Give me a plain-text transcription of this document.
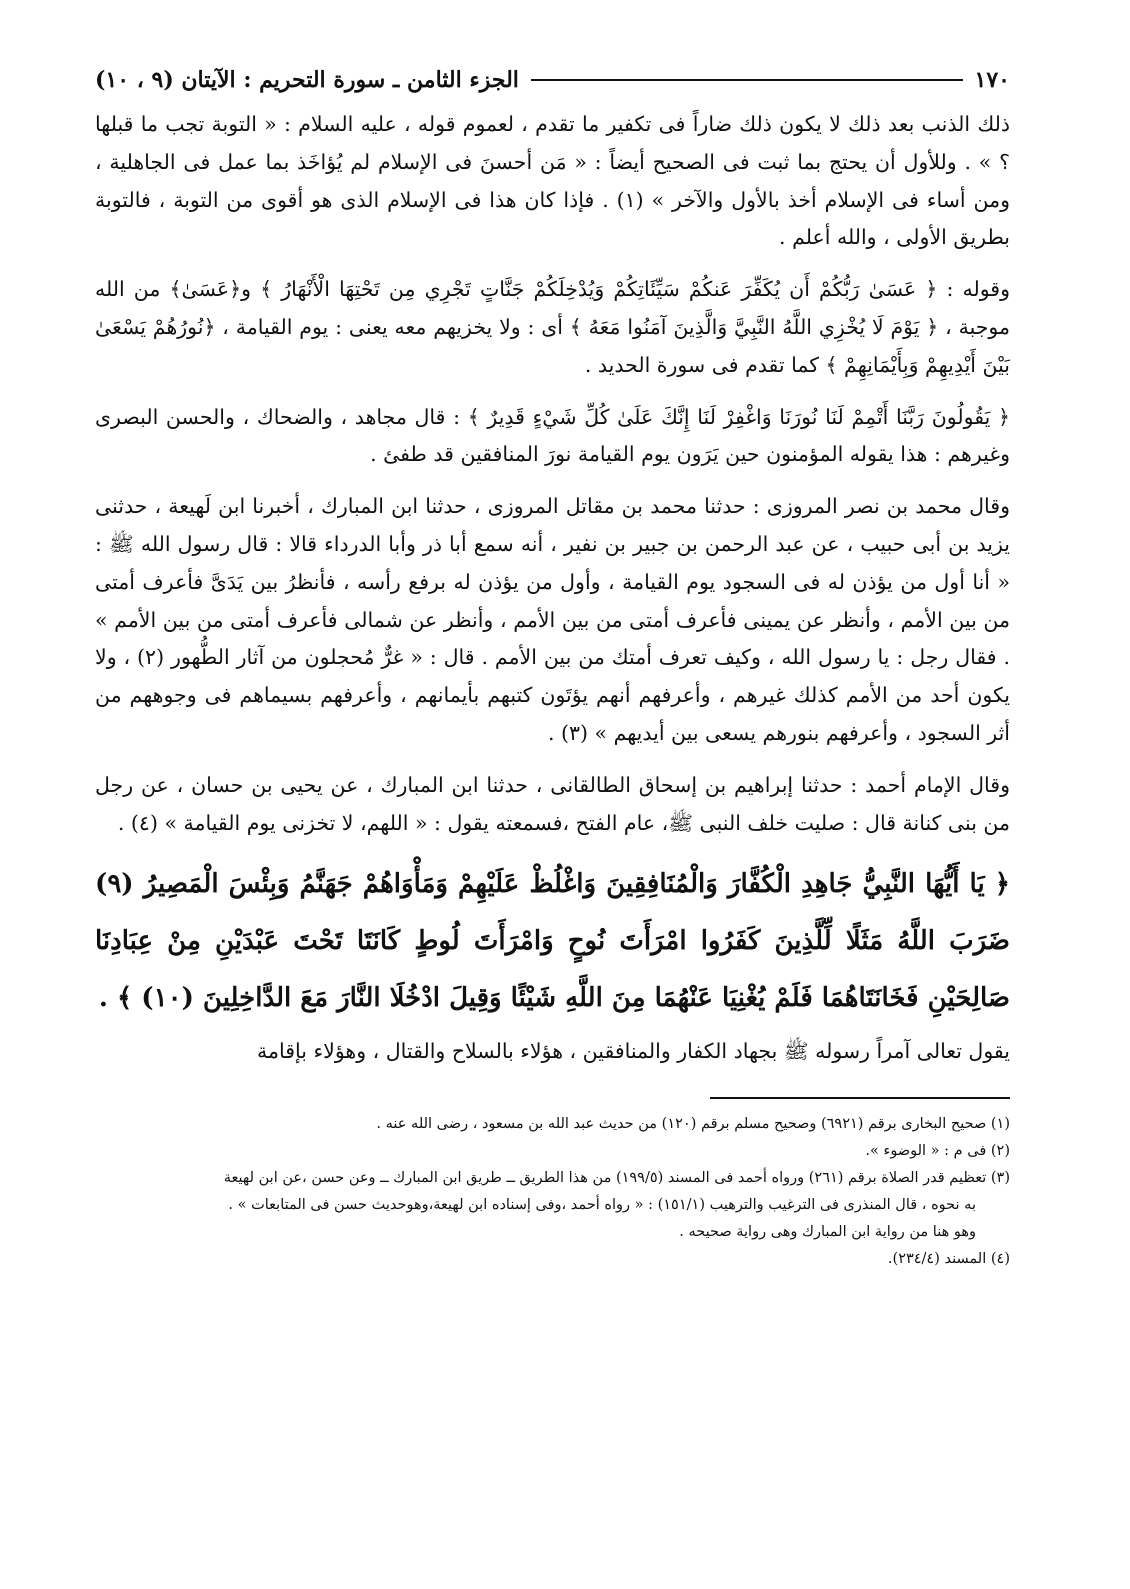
١٧٠
الجزء الثامن ـ سورة التحريم : الآيتان (٩ ، ١٠)

ذلك الذنب بعد ذلك لا يكون ذلك ضاراً فى تكفير ما تقدم ، لعموم قوله ، عليه السلام : « التوبة تجب ما قبلها ؟ » . وللأول أن يحتج بما ثبت فى الصحيح أيضاً : « مَن أحسنَ فى الإسلام لم يُؤاخَذ بما عمل فى الجاهلية ، ومن أساء فى الإسلام أخذ بالأول والآخر » (١) . فإذا كان هذا فى الإسلام الذى هو أقوى من التوبة ، فالتوبة بطريق الأولى ، والله أعلم .

وقوله : ﴿ عَسَىٰ رَبُّكُمْ أَن يُكَفِّرَ عَنكُمْ سَيِّئَاتِكُمْ وَيُدْخِلَكُمْ جَنَّاتٍ تَجْرِي مِن تَحْتِهَا الْأَنْهَارُ ﴾ و﴿عَسَىٰ﴾ من الله موجبة ، ﴿ يَوْمَ لَا يُخْزِي اللَّهُ النَّبِيَّ وَالَّذِينَ آمَنُوا مَعَهُ ﴾ أى : ولا يخزيهم معه يعنى : يوم القيامة ، ﴿نُورُهُمْ يَسْعَىٰ بَيْنَ أَيْدِيهِمْ وَبِأَيْمَانِهِمْ ﴾ كما تقدم فى سورة الحديد .

﴿ يَقُولُونَ رَبَّنَا أَتْمِمْ لَنَا نُورَنَا وَاغْفِرْ لَنَا إِنَّكَ عَلَىٰ كُلِّ شَيْءٍ قَدِيرٌ ﴾ : قال مجاهد ، والضحاك ، والحسن البصرى وغيرهم : هذا يقوله المؤمنون حين يَرَون يوم القيامة نورَ المنافقين قد طفئ .

وقال محمد بن نصر المروزى : حدثنا محمد بن مقاتل المروزى ، حدثنا ابن المبارك ، أخبرنا ابن لَهيعة ، حدثنى يزيد بن أبى حبيب ، عن عبد الرحمن بن جبير بن نفير ، أنه سمع أبا ذر وأبا الدرداء قالا : قال رسول الله ﷺ : « أنا أول من يؤذن له فى السجود يوم القيامة ، وأول من يؤذن له برفع رأسه ، فأنظرُ بين يَدَىَّ فأعرف أمتى من بين الأمم ، وأنظر عن يمينى فأعرف أمتى من بين الأمم ، وأنظر عن شمالى فأعرف أمتى من بين الأمم » . فقال رجل : يا رسول الله ، وكيف تعرف أمتك من بين الأمم . قال : « غرٌّ مُحجلون من آثار الطُّهور (٢) ، ولا يكون أحد من الأمم كذلك غيرهم ، وأعرفهم أنهم يؤتَون كتبهم بأيمانهم ، وأعرفهم بسيماهم فى وجوههم من أثر السجود ، وأعرفهم بنورهم يسعى بين أيديهم » (٣) .

وقال الإمام أحمد : حدثنا إبراهيم بن إسحاق الطالقانى ، حدثنا ابن المبارك ، عن يحيى بن حسان ، عن رجل من بنى كنانة قال : صليت خلف النبى ﷺ، عام الفتح ،فسمعته يقول : « اللهم، لا تخزنى يوم القيامة » (٤) .

﴿ يَا أَيُّهَا النَّبِيُّ جَاهِدِ الْكُفَّارَ وَالْمُنَافِقِينَ وَاغْلُظْ عَلَيْهِمْ وَمَأْوَاهُمْ جَهَنَّمُ وَبِئْسَ الْمَصِيرُ (٩) ضَرَبَ اللَّهُ مَثَلًا لِّلَّذِينَ كَفَرُوا امْرَأَتَ نُوحٍ وَامْرَأَتَ لُوطٍ كَانَتَا تَحْتَ عَبْدَيْنِ مِنْ عِبَادِنَا صَالِحَيْنِ فَخَانَتَاهُمَا فَلَمْ يُغْنِيَا عَنْهُمَا مِنَ اللَّهِ شَيْئًا وَقِيلَ ادْخُلَا النَّارَ مَعَ الدَّاخِلِينَ (١٠) ﴾ .

يقول تعالى آمراً رسوله ﷺ بجهاد الكفار والمنافقين ، هؤلاء بالسلاح والقتال ، وهؤلاء بإقامة

(١) صحيح البخارى برقم (٦٩٢١) وصحيح مسلم برقم (١٢٠) من حديث عبد الله بن مسعود ، رضى الله عنه .

(٢) فى م : « الوضوء ».

(٣) تعظيم قدر الصلاة برقم (٢٦١) ورواه أحمد فى المسند (١٩٩/٥) من هذا الطريق ــ طريق ابن المبارك ــ وعن حسن ،عن ابن لهيعة

به نحوه ، قال المنذرى فى الترغيب والترهيب (١٥١/١) : « رواه أحمد ،وفى إسناده ابن لهيعة،وهوحديث حسن فى المتابعات » .

وهو هنا من رواية ابن المبارك وهى رواية صحيحه .

(٤) المسند (٢٣٤/٤).
